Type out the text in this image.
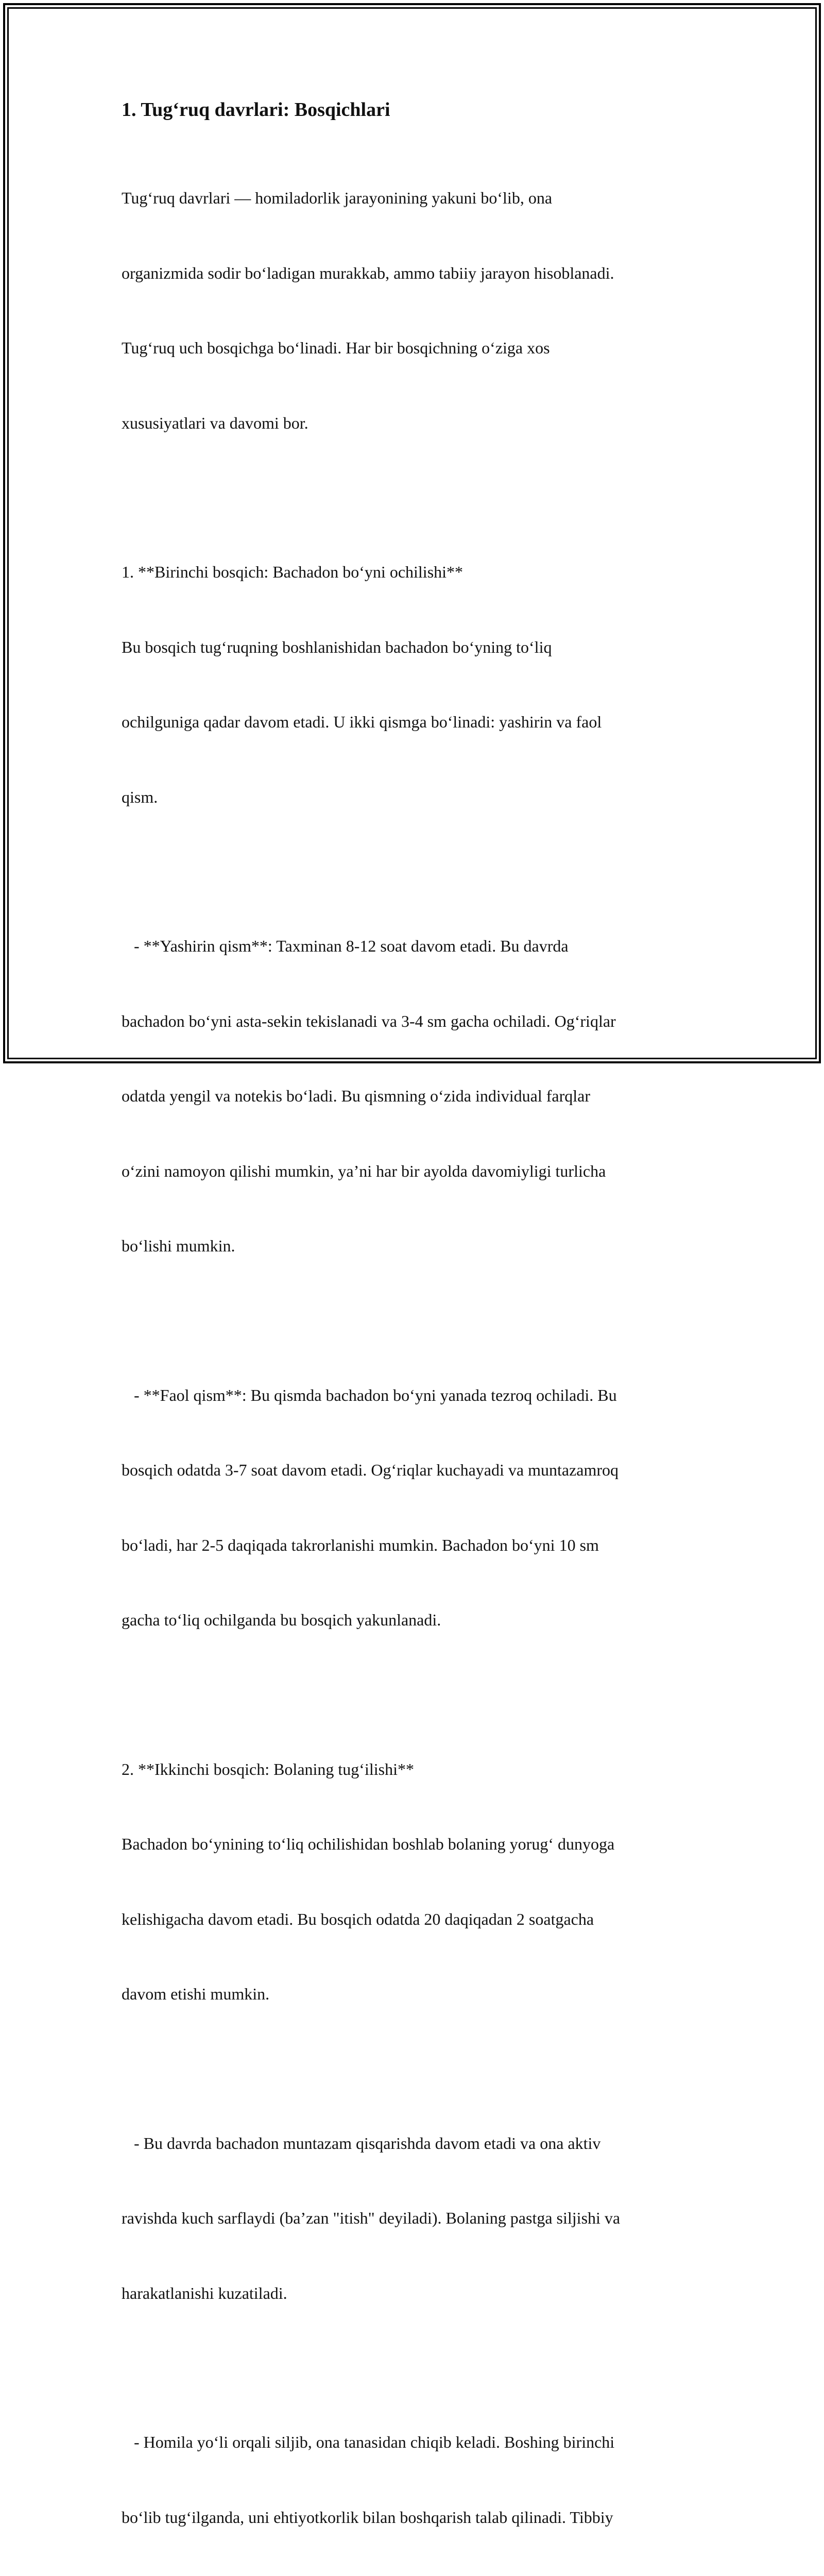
1. Tug‘ruq davrlari: Bosqichlari

Tug‘ruq davrlari — homiladorlik jarayonining yakuni bo‘lib, ona

organizmida sodir bo‘ladigan murakkab, ammo tabiiy jarayon hisoblanadi.

Tug‘ruq uch bosqichga bo‘linadi. Har bir bosqichning o‘ziga xos

xususiyatlari va davomi bor.

1. **Birinchi bosqich: Bachadon bo‘yni ochilishi**

Bu bosqich tug‘ruqning boshlanishidan bachadon bo‘yning to‘liq

ochilguniga qadar davom etadi. U ikki qismga bo‘linadi: yashirin va faol

qism.

- **Yashirin qism**: Taxminan 8-12 soat davom etadi. Bu davrda

bachadon bo‘yni asta-sekin tekislanadi va 3-4 sm gacha ochiladi. Og‘riqlar

odatda yengil va notekis bo‘ladi. Bu qismning o‘zida individual farqlar

o‘zini namoyon qilishi mumkin, ya’ni har bir ayolda davomiyligi turlicha

bo‘lishi mumkin.

- **Faol qism**: Bu qismda bachadon bo‘yni yanada tezroq ochiladi. Bu

bosqich odatda 3-7 soat davom etadi. Og‘riqlar kuchayadi va muntazamroq

bo‘ladi, har 2-5 daqiqada takrorlanishi mumkin. Bachadon bo‘yni 10 sm

gacha to‘liq ochilganda bu bosqich yakunlanadi.

2. **Ikkinchi bosqich: Bolaning tug‘ilishi**

Bachadon bo‘ynining to‘liq ochilishidan boshlab bolaning yorug‘ dunyoga

kelishigacha davom etadi. Bu bosqich odatda 20 daqiqadan 2 soatgacha

davom etishi mumkin.

- Bu davrda bachadon muntazam qisqarishda davom etadi va ona aktiv

ravishda kuch sarflaydi (ba’zan "itish" deyiladi). Bolaning pastga siljishi va

harakatlanishi kuzatiladi.

- Homila yo‘li orqali siljib, ona tanasidan chiqib keladi. Boshing birinchi

bo‘lib tug‘ilganda, uni ehtiyotkorlik bilan boshqarish talab qilinadi. Tibbiy
